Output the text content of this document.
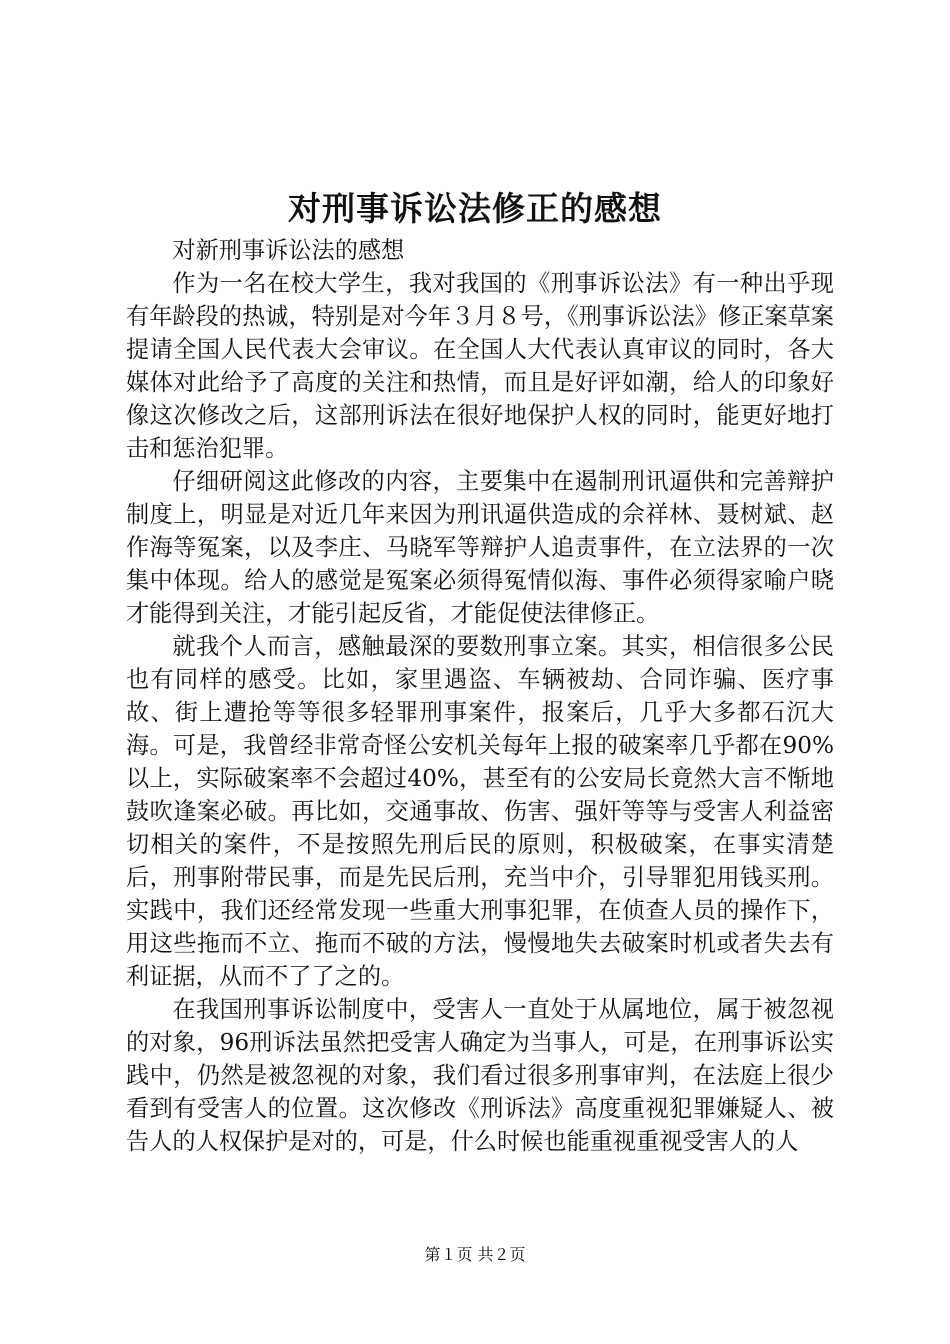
对刑事诉讼法修正的感想

对新刑事诉讼法的感想

作为一名在校大学生，我对我国的《刑事诉讼法》有一种出乎现有年龄段的热诚，特别是对今年３月８号，《刑事诉讼法》修正案草案提请全国人民代表大会审议。在全国人大代表认真审议的同时，各大媒体对此给予了高度的关注和热情，而且是好评如潮，给人的印象好像这次修改之后，这部刑诉法在很好地保护人权的同时，能更好地打击和惩治犯罪。

仔细研阅这此修改的内容，主要集中在遏制刑讯逼供和完善辩护制度上，明显是对近几年来因为刑讯逼供造成的佘祥林、聂树斌、赵作海等冤案，以及李庄、马晓军等辩护人追责事件，在立法界的一次集中体现。给人的感觉是冤案必须得冤情似海、事件必须得家喻户晓才能得到关注，才能引起反省，才能促使法律修正。

就我个人而言，感触最深的要数刑事立案。其实，相信很多公民也有同样的感受。比如，家里遇盗、车辆被劫、合同诈骗、医疗事故、街上遭抢等等很多轻罪刑事案件，报案后，几乎大多都石沉大海。可是，我曾经非常奇怪公安机关每年上报的破案率几乎都在90%以上，实际破案率不会超过40%，甚至有的公安局长竟然大言不惭地鼓吹逢案必破。再比如，交通事故、伤害、强奸等等与受害人利益密切相关的案件，不是按照先刑后民的原则，积极破案，在事实清楚后，刑事附带民事，而是先民后刑，充当中介，引导罪犯用钱买刑。实践中，我们还经常发现一些重大刑事犯罪，在侦查人员的操作下，用这些拖而不立、拖而不破的方法，慢慢地失去破案时机或者失去有利证据，从而不了了之的。

在我国刑事诉讼制度中，受害人一直处于从属地位，属于被忽视的对象，96刑诉法虽然把受害人确定为当事人，可是，在刑事诉讼实践中，仍然是被忽视的对象，我们看过很多刑事审判，在法庭上很少看到有受害人的位置。这次修改《刑诉法》高度重视犯罪嫌疑人、被告人的人权保护是对的，可是，什么时候也能重视重视受害人的人

第１页 共２页
